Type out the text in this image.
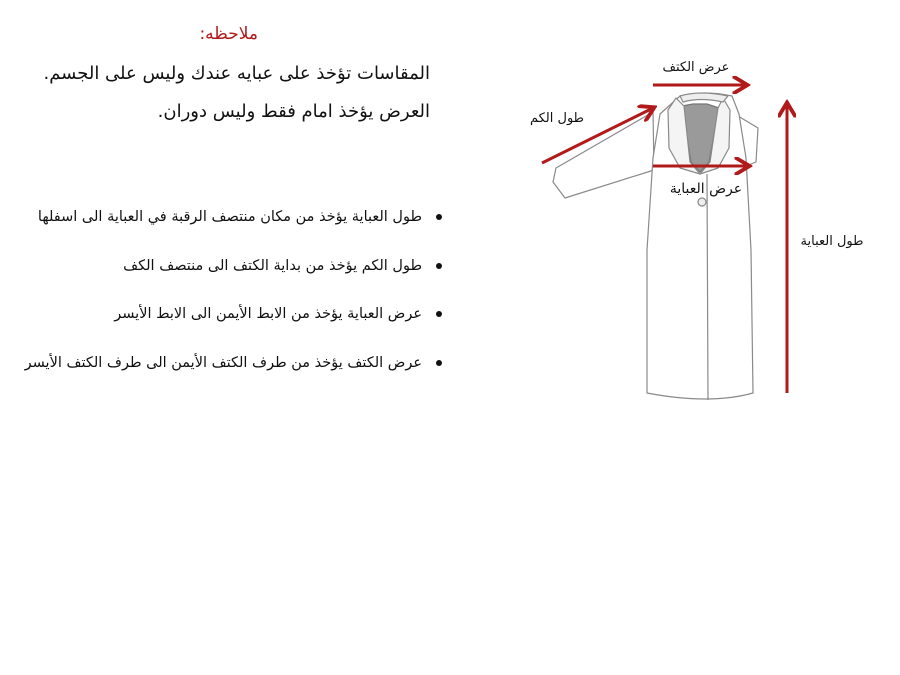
ملاحظه:
المقاسات تؤخذ على عبايه عندك وليس على الجسم.
العرض يؤخذ امام فقط وليس دوران.
طول العباية يؤخذ من مكان منتصف الرقبة في العباية الى اسفلها
طول الكم يؤخذ من بداية الكتف الى منتصف الكف
عرض العباية يؤخذ من الابط الأيمن الى الابط الأيسر
عرض الكتف يؤخذ من طرف الكتف الأيمن الى طرف الكتف الأيسر
عرض الكتف
طول الكم
عرض العباية
طول العباية
